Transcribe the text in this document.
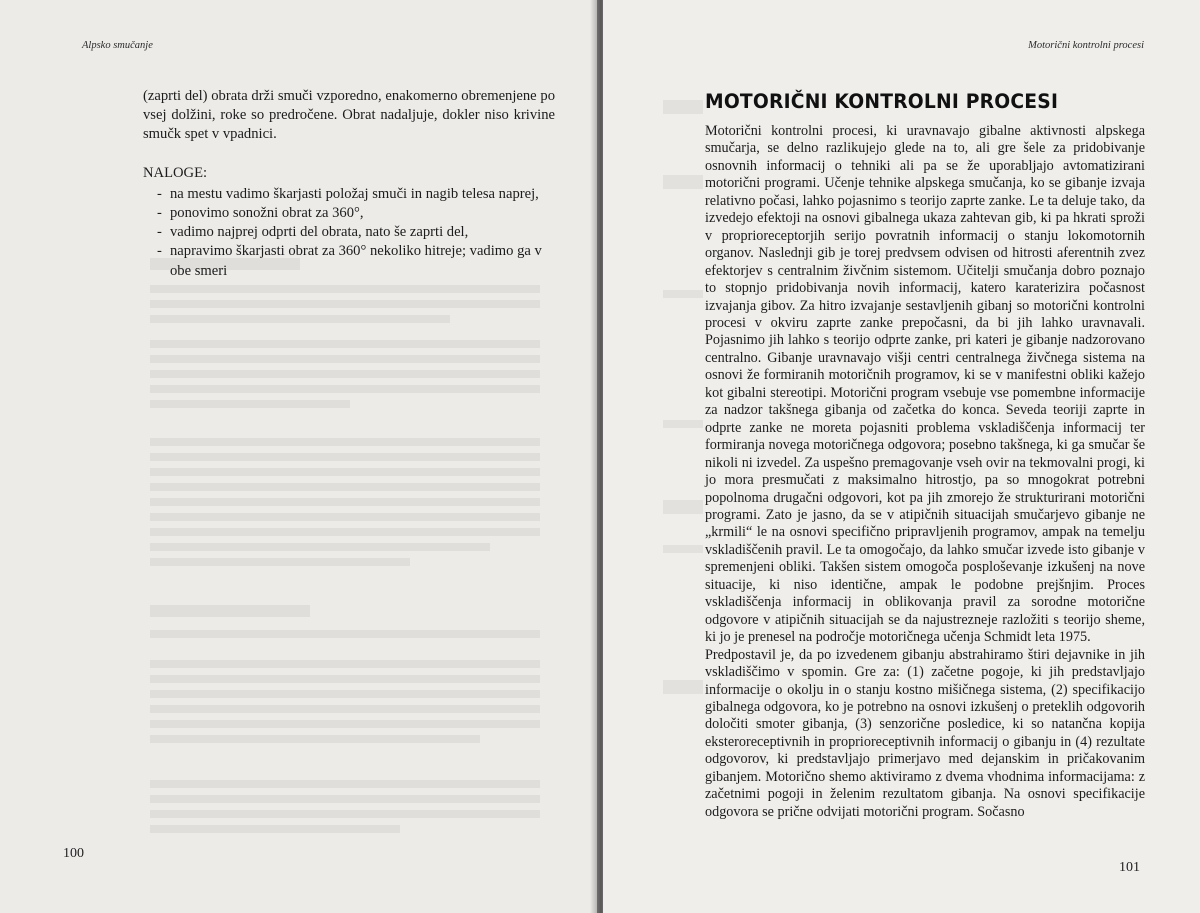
Alpsko smučanje

(zaprti del) obrata drži smuči vzporedno, enakomerno obremenjene po vsej dolžini, roke so predročene. Obrat nadaljuje, dokler niso krivine smučk spet v vpadnici.

NALOGE:

- na mestu vadimo škarjasti položaj smuči in nagib telesa naprej,
- ponovimo sonožni obrat za 360°,
- vadimo najprej odprti del obrata, nato še zaprti del,
- napravimo škarjasti obrat za 360° nekoliko hitreje; vadimo ga v obe smeri
100
Motorični kontrolni procesi
MOTORIČNI KONTROLNI PROCESI

Motorični kontrolni procesi, ki uravnavajo gibalne aktivnosti alpskega smučarja, se delno razlikujejo glede na to, ali gre šele za pridobivanje osnovnih informacij o tehniki ali pa se že uporabljajo avtomatizirani motorični programi. Učenje tehnike alpskega smučanja, ko se gibanje izvaja relativno počasi, lahko pojasnimo s teorijo zaprte zanke. Le ta deluje tako, da izvedejo efektoji na osnovi gibalnega ukaza zahtevan gib, ki pa hkrati sproži v proprioreceptorjih serijo povratnih informacij o stanju lokomotornih organov. Naslednji gib je torej predvsem odvisen od hitrosti aferentnih zvez efektorjev s centralnim živčnim sistemom. Učitelji smučanja dobro poznajo to stopnjo pridobivanja novih informacij, katero karaterizira počasnost izvajanja gibov. Za hitro izvajanje sestavljenih gibanj so motorični kontrolni procesi v okviru zaprte zanke prepočasni, da bi jih lahko uravnavali. Pojasnimo jih lahko s teorijo odprte zanke, pri kateri je gibanje nadzorovano centralno. Gibanje uravnavajo višji centri centralnega živčnega sistema na osnovi že formiranih motoričnih programov, ki se v manifestni obliki kažejo kot gibalni stereotipi. Motorični program vsebuje vse pomembne informacije za nadzor takšnega gibanja od začetka do konca. Seveda teoriji zaprte in odprte zanke ne moreta pojasniti problema vskladiščenja informacij ter formiranja novega motoričnega odgovora; posebno takšnega, ki ga smučar še nikoli ni izvedel. Za uspešno premagovanje vseh ovir na tekmovalni progi, ki jo mora presmučati z maksimalno hitrostjo, pa so mnogokrat potrebni popolnoma drugačni odgovori, kot pa jih zmorejo že strukturirani motorični programi. Zato je jasno, da se v atipičnih situacijah smučarjevo gibanje ne „krmili“ le na osnovi specifično pripravljenih programov, ampak na temelju vskladiščenih pravil. Le ta omogočajo, da lahko smučar izvede isto gibanje v spremenjeni obliki. Takšen sistem omogoča posploševanje izkušenj na nove situacije, ki niso identične, ampak le podobne prejšnjim. Proces vskladiščenja informacij in oblikovanja pravil za sorodne motorične odgovore v atipičnih situacijah se da najustrezneje razložiti s teorijo sheme, ki jo je prenesel na področje motoričnega učenja Schmidt leta 1975.

Predpostavil je, da po izvedenem gibanju abstrahiramo štiri dejavnike in jih vskladiščimo v spomin. Gre za: (1) začetne pogoje, ki jih predstavljajo informacije o okolju in o stanju kostno mišičnega sistema, (2) specifikacijo gibalnega odgovora, ko je potrebno na osnovi izkušenj o preteklih odgovorih določiti smoter gibanja, (3) senzorične posledice, ki so natančna kopija eksteroreceptivnih in proprioreceptivnih informacij o gibanju in (4) rezultate odgovorov, ki predstavljajo primerjavo med dejanskim in pričakovanim gibanjem. Motorično shemo aktiviramo z dvema vhodnima informacijama: z začetnimi pogoji in želenim rezultatom gibanja. Na osnovi specifikacije odgovora se prične odvijati motorični program. Sočasno

101
